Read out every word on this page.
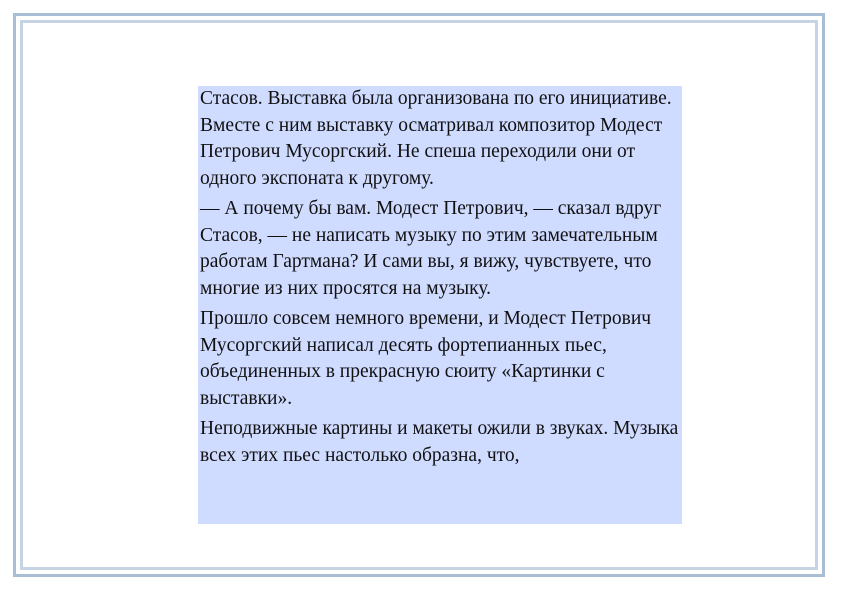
Стасов. Выставка была организована по его инициативе. Вместе с ним выставку осматривал композитор Модест Петрович Мусоргский. Не спеша переходили они от одного экспоната к другому.

— А почему бы вам. Модест Петрович, — сказал вдруг Стасов, — не написать музыку по этим замечательным работам Гартмана? И сами вы, я вижу, чувствуете, что многие из них просятся на музыку.

Прошло совсем немного времени, и Модест Петрович Мусоргский написал десять фортепианных пьес, объединенных в прекрасную сюиту «Картинки с выставки».

Неподвижные картины и макеты ожили в звуках. Музыка всех этих пьес настолько образна, что,
